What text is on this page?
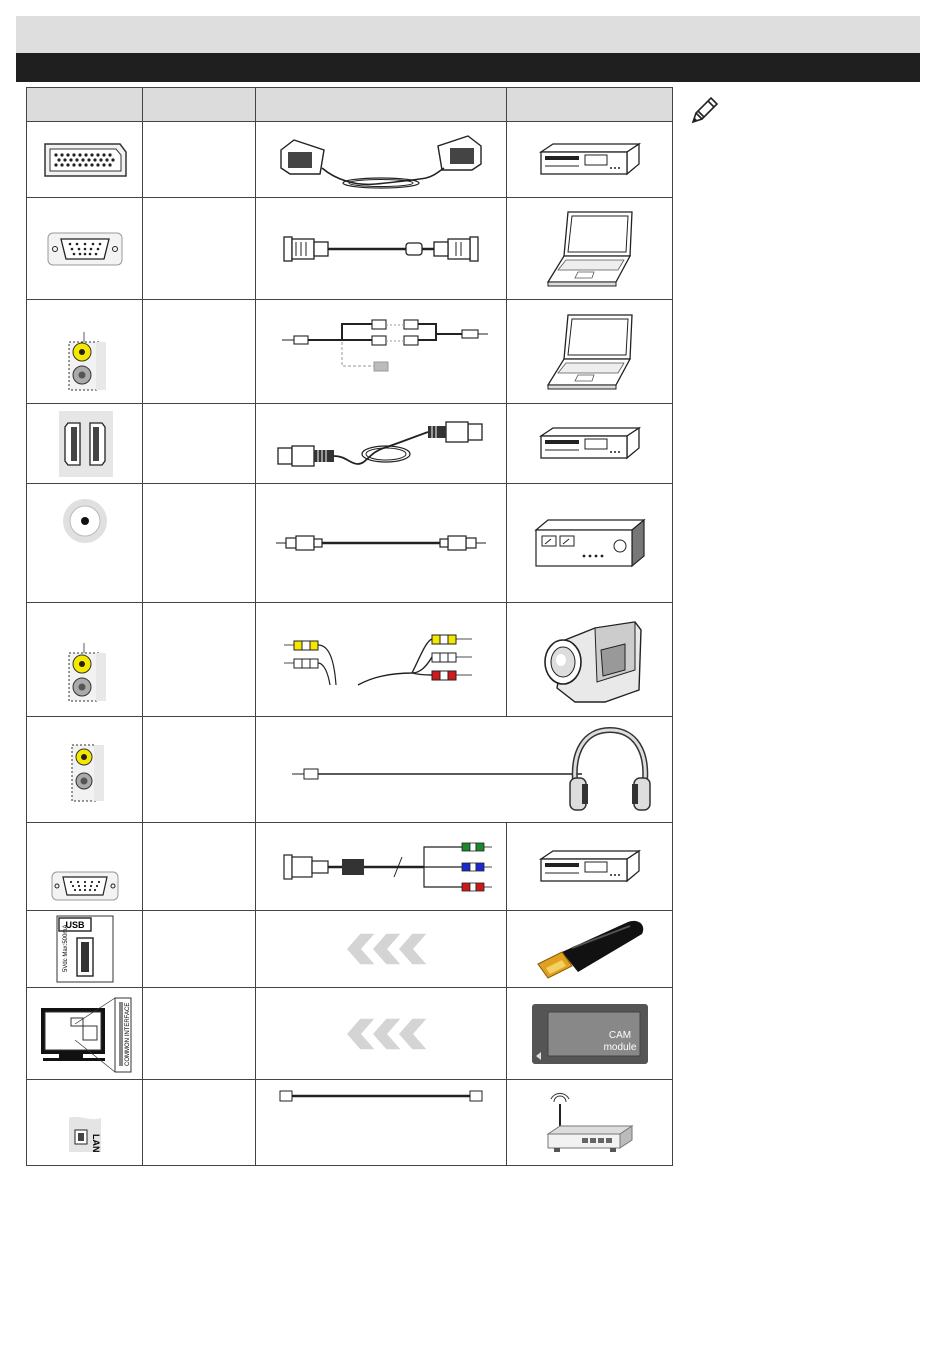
USB
5Vdc Max:500mA

COMMON INTERFACE			CAM
module

LAN
